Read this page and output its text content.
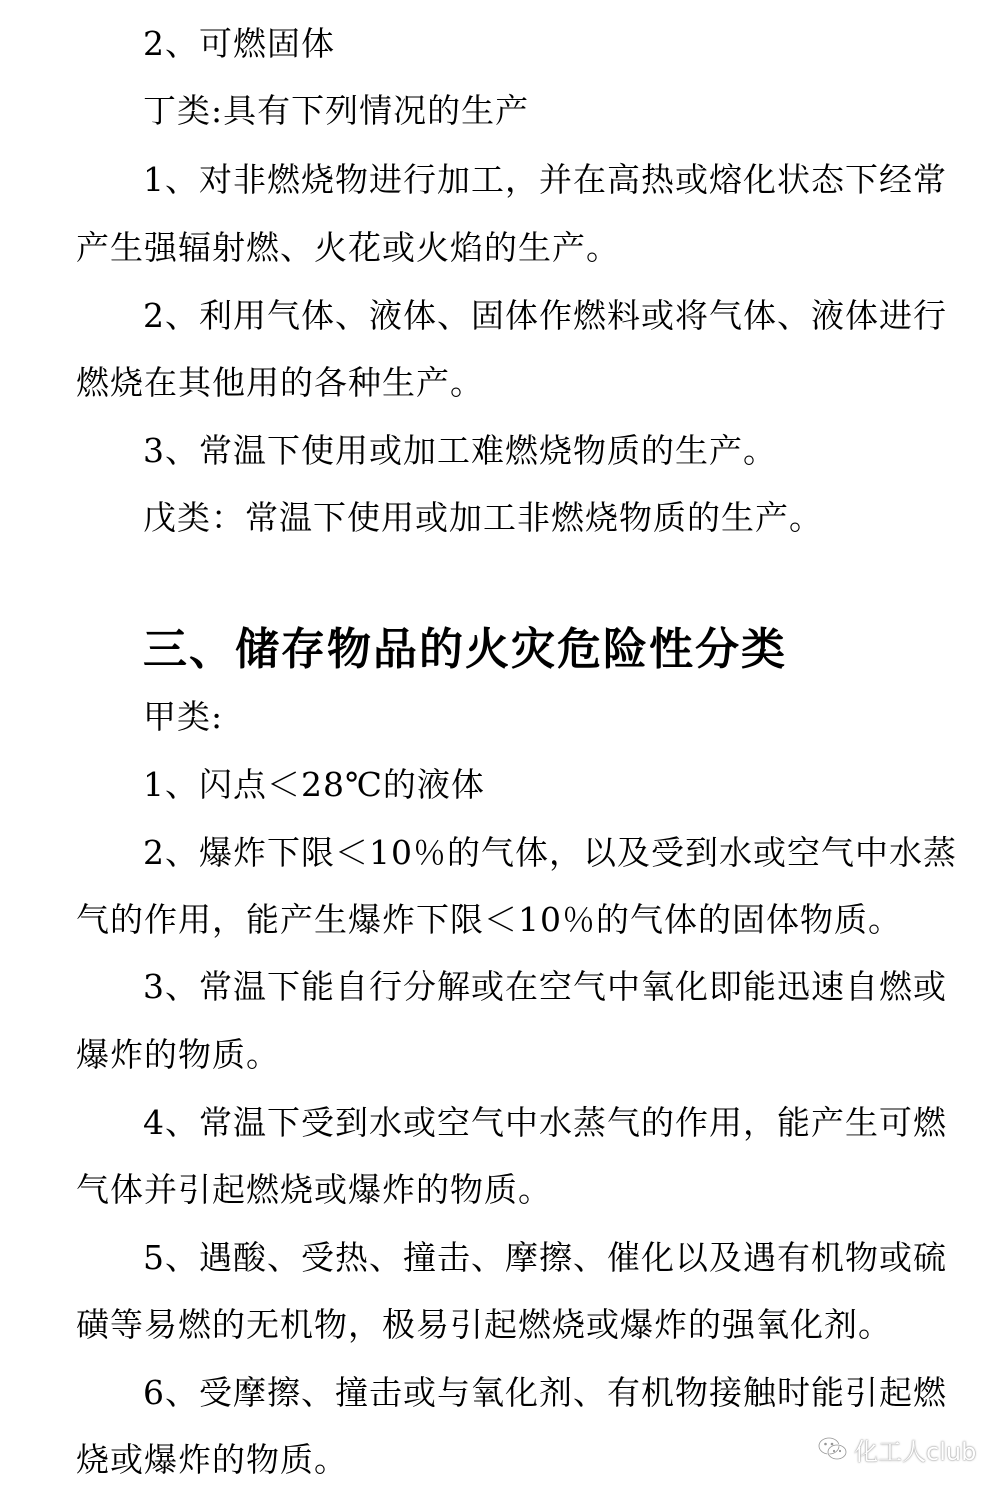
2、可燃固体

丁类:具有下列情况的生产

1、对非燃烧物进行加工，并在高热或熔化状态下经常

产生强辐射燃、火花或火焰的生产。

2、利用气体、液体、固体作燃料或将气体、液体进行

燃烧在其他用的各种生产。

3、常温下使用或加工难燃烧物质的生产。

戊类：常温下使用或加工非燃烧物质的生产。

三、储存物品的火灾危险性分类

甲类:

1、闪点＜28℃的液体

2、爆炸下限＜10％的气体，以及受到水或空气中水蒸

气的作用，能产生爆炸下限＜10％的气体的固体物质。

3、常温下能自行分解或在空气中氧化即能迅速自燃或

爆炸的物质。

4、常温下受到水或空气中水蒸气的作用，能产生可燃

气体并引起燃烧或爆炸的物质。

5、遇酸、受热、撞击、摩擦、催化以及遇有机物或硫

磺等易燃的无机物，极易引起燃烧或爆炸的强氧化剂。

6、受摩擦、撞击或与氧化剂、有机物接触时能引起燃

烧或爆炸的物质。	化工人club
